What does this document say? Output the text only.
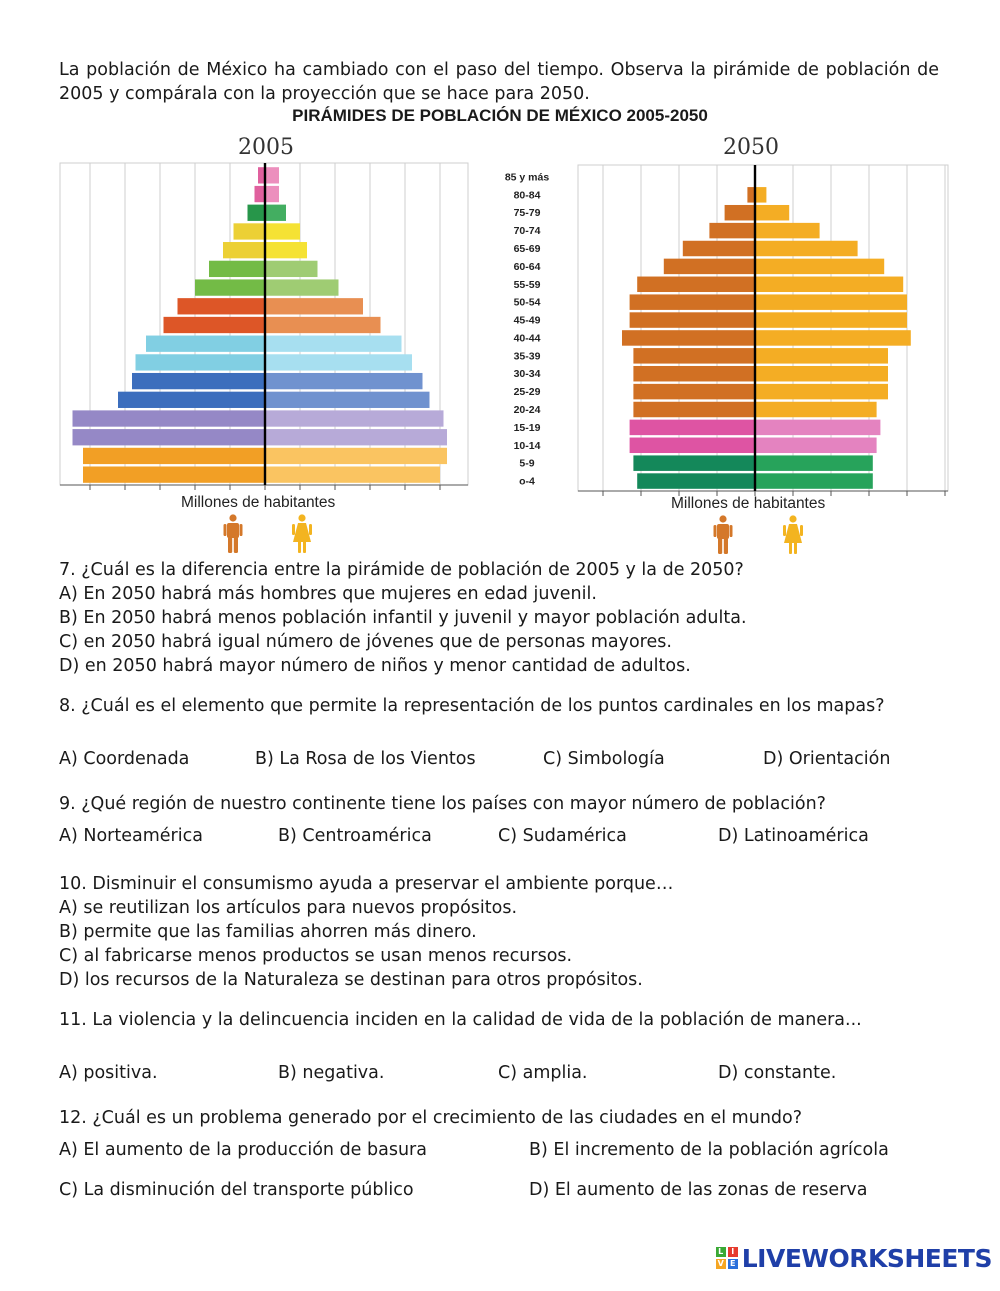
La población de México ha cambiado con el paso del tiempo. Observa la pirámide de población de 2005 y compárala con la proyección que se hace para 2050.
PIRÁMIDES DE POBLACIÓN DE MÉXICO 2005-2050
2005
Millones de habitantes
2050
o-4
5-9
10-14
15-19
20-24
25-29
30-34
35-39
40-44
45-49
50-54
55-59
60-64
65-69
70-74
75-79
80-84
85 y más
Millones de habitantes
7. ¿Cuál es la diferencia entre la pirámide de población de 2005 y la de 2050?
A) En 2050 habrá más hombres que mujeres en edad juvenil.
B) En 2050 habrá menos población infantil y juvenil y mayor población adulta.
C) en 2050 habrá igual número de jóvenes que de personas mayores.
D) en 2050 habrá mayor número de niños y menor cantidad de adultos.
8. ¿Cuál es el elemento que permite la representación de los puntos cardinales en los mapas?
A) Coordenada	B) La Rosa de los Vientos	C) Simbología	D) Orientación
9. ¿Qué región de nuestro continente tiene los países con mayor número de población?
A) Norteamérica	B) Centroamérica	C) Sudamérica	D) Latinoamérica
10. Disminuir el consumismo ayuda a preservar el ambiente porque…
A) se reutilizan los artículos para nuevos propósitos.
B) permite que las familias ahorren más dinero.
C) al fabricarse menos productos se usan menos recursos.
D) los recursos de la Naturaleza se destinan para otros propósitos.
11. La violencia y la delincuencia inciden en la calidad de vida de la población de manera...
A) positiva.	B) negativa.	C) amplia.	D) constante.
12. ¿Cuál es un problema generado por el crecimiento de las ciudades en el mundo?
A) El aumento de la producción de basura	B) El incremento de la población agrícola
C) La disminución del transporte público	D) El aumento de las zonas de reserva
L I
V E LIVEWORKSHEETS
